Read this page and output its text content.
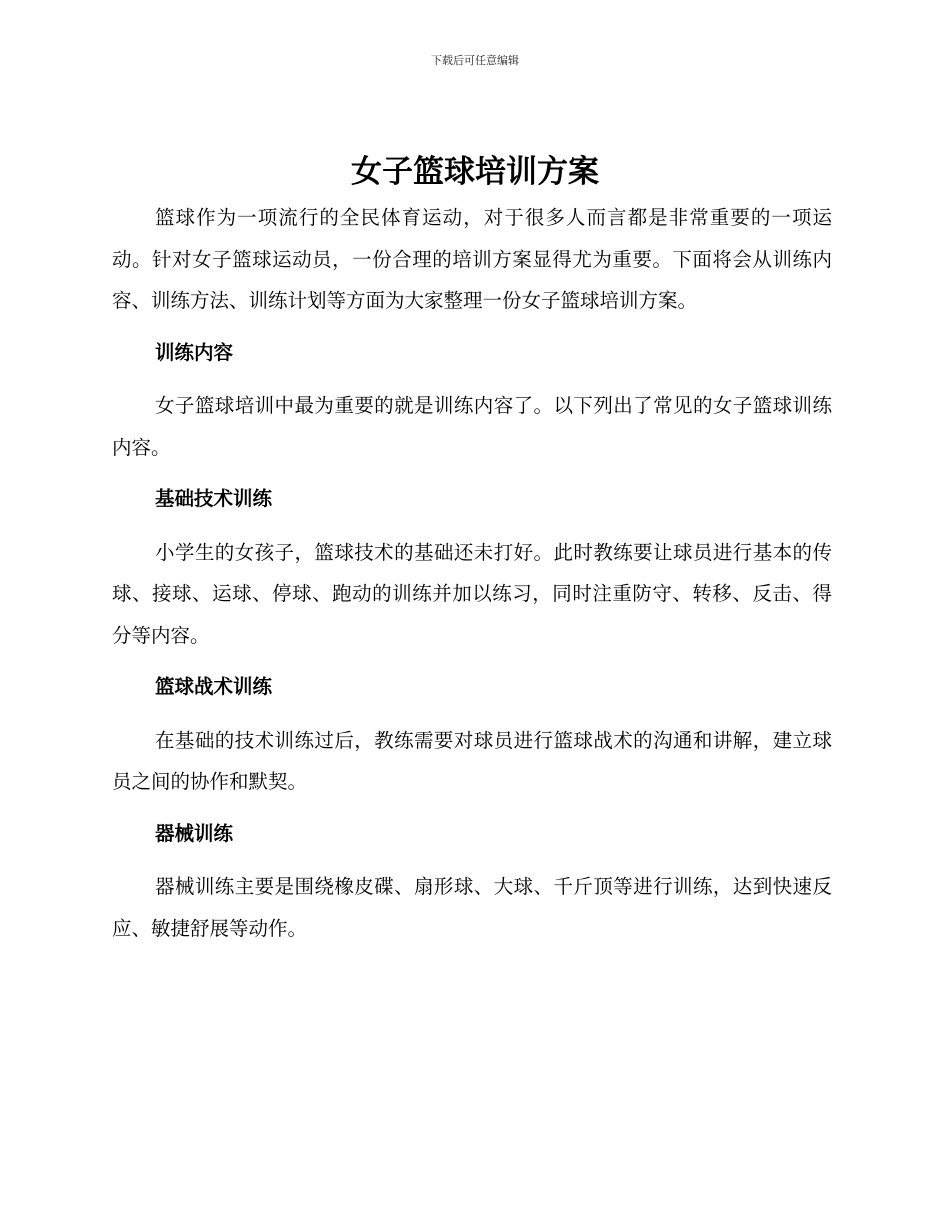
下载后可任意编辑
女子篮球培训方案

篮球作为一项流行的全民体育运动，对于很多人而言都是非常重要的一项运动。针对女子篮球运动员，一份合理的培训方案显得尤为重要。下面将会从训练内容、训练方法、训练计划等方面为大家整理一份女子篮球培训方案。

训练内容

女子篮球培训中最为重要的就是训练内容了。以下列出了常见的女子篮球训练内容。

基础技术训练

小学生的女孩子，篮球技术的基础还未打好。此时教练要让球员进行基本的传球、接球、运球、停球、跑动的训练并加以练习，同时注重防守、转移、反击、得分等内容。

篮球战术训练

在基础的技术训练过后，教练需要对球员进行篮球战术的沟通和讲解，建立球员之间的协作和默契。

器械训练

器械训练主要是围绕橡皮碟、扇形球、大球、千斤顶等进行训练，达到快速反应、敏捷舒展等动作。
